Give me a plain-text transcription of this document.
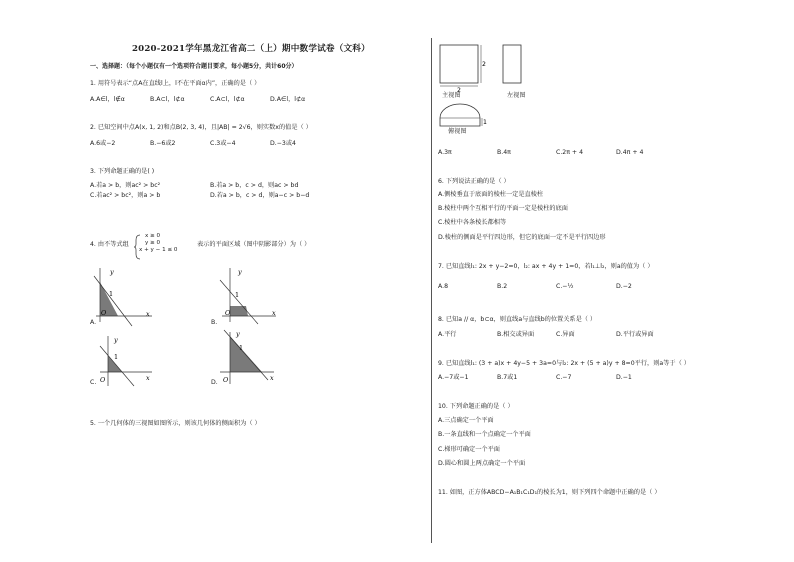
2020-2021学年黑龙江省高二（上）期中数学试卷（文科）
一、选择题：（每个小题仅有一个选项符合题目要求，每小题5分，共计60分）
1. 用符号表示“点A在直线l上，l不在平面α内”，正确的是（ ）
A.A∈l，l∉α	B.A⊂l，l⊄α	C.A⊂l，l⊄α	D.A∈l，l⊄α
2. 已知空间中点A(x, 1, 2)和点B(2, 3, 4)，且|AB| = 2√6，则实数x的值是（ ）
A.6或−2	B.−6或2	C.3或−4	D.−3或4
3. 下列命题正确的是( )
A.若a > b，则ac² > bc²	B.若a > b，c > d，则ac > bd
C.若ac² > bc²，则a > b	D.若a > b，c > d，则a−c > b−d
4. 由不等式组
x ≥ 0
y ≥ 0
x + y − 1 ≤ 0
表示的平面区域（图中阴影部分）为（ ）
y
1
O	x
A.
y
1
O	x
B.
y
1
O	x
C.
y
1
O	x
D.
5. 一个几何体的三视图如图所示，则该几何体的侧面积为（ ）
2
2
主视图	左视图
1
俯视图
A.3π	B.4π	C.2π + 4	D.4π + 4
6. 下列说法正确的是（ ）
A.侧棱垂直于底面的棱柱一定是直棱柱
B.棱柱中两个互相平行的平面一定是棱柱的底面
C.棱柱中各条棱长都相等
D.棱柱的侧面是平行四边形，但它的底面一定不是平行四边形
7. 已知直线l₁: 2x + y−2=0，l₂: ax + 4y + 1=0，若l₁⊥l₂，则a的值为（ ）
A.8	B.2	C.−½	D.−2
8. 已知a // α，b⊂α，则直线a与直线b的位置关系是（ ）
A.平行	B.相交或异面	C.异面	D.平行或异面
9. 已知直线l₁: (3 + a)x + 4y−5 + 3a=0与l₂: 2x + (5 + a)y + 8=0平行，则a等于（ ）
A.−7或−1	B.7或1	C.−7	D.−1
10. 下列命题正确的是（ ）
A.三点确定一个平面
B.一条直线和一个点确定一个平面
C.梯形可确定一个平面
D.圆心和圆上两点确定一个平面
11. 如图，正方体ABCD−A₁B₁C₁D₁的棱长为1，则下列四个命题中正确的是（ ）
